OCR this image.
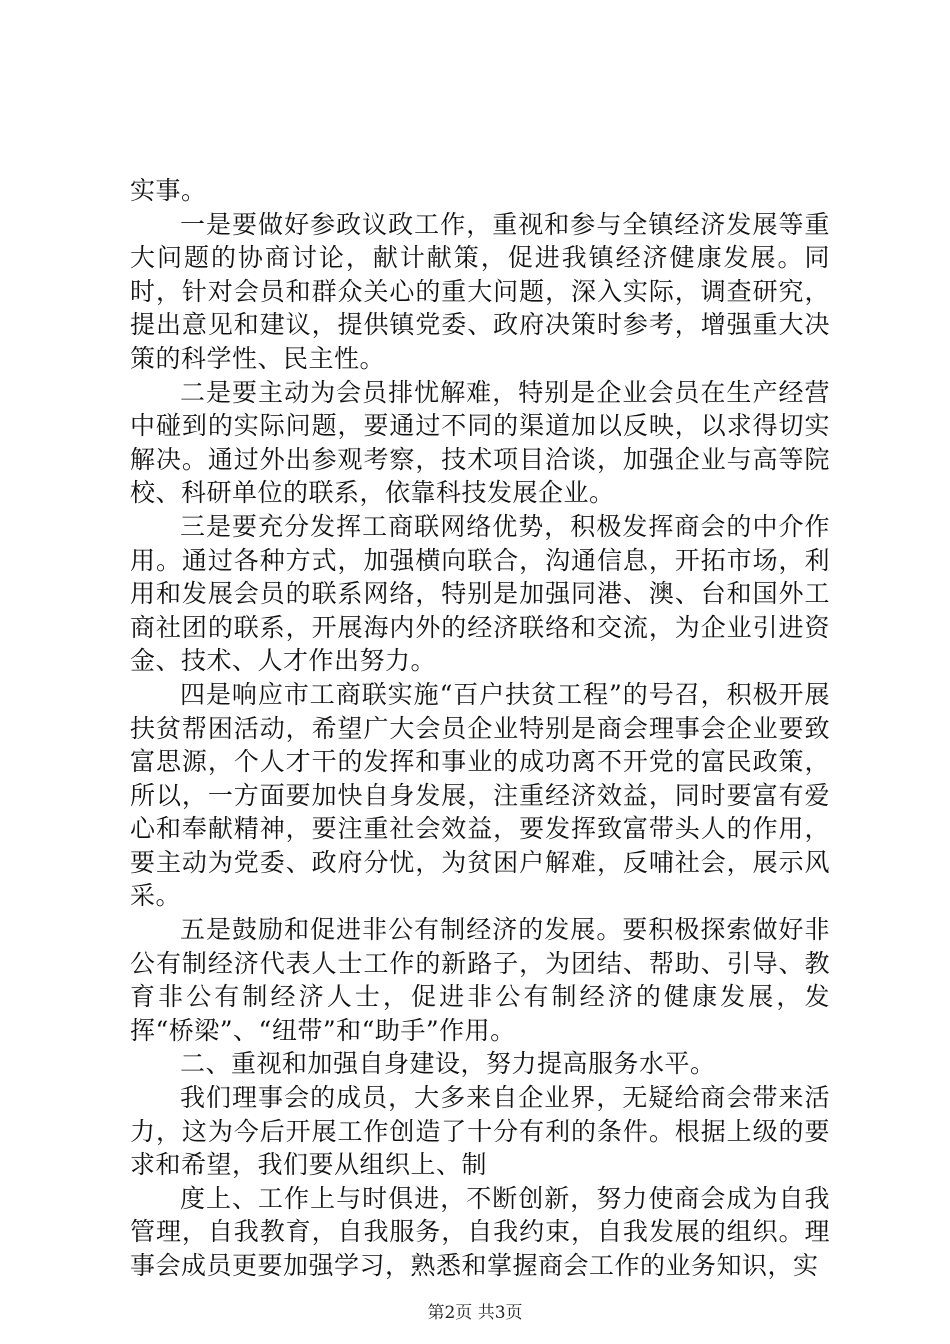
实事。

一是要做好参政议政工作，重视和参与全镇经济发展等重大问题的协商讨论，献计献策，促进我镇经济健康发展。同时，针对会员和群众关心的重大问题，深入实际，调查研究，提出意见和建议，提供镇党委、政府决策时参考，增强重大决策的科学性、民主性。

二是要主动为会员排忧解难，特别是企业会员在生产经营中碰到的实际问题，要通过不同的渠道加以反映，以求得切实解决。通过外出参观考察，技术项目洽谈，加强企业与高等院校、科研单位的联系，依靠科技发展企业。

三是要充分发挥工商联网络优势，积极发挥商会的中介作用。通过各种方式，加强横向联合，沟通信息，开拓市场，利用和发展会员的联系网络，特别是加强同港、澳、台和国外工商社团的联系，开展海内外的经济联络和交流，为企业引进资金、技术、人才作出努力。

四是响应市工商联实施“百户扶贫工程”的号召，积极开展扶贫帮困活动，希望广大会员企业特别是商会理事会企业要致富思源，个人才干的发挥和事业的成功离不开党的富民政策，所以，一方面要加快自身发展，注重经济效益，同时要富有爱心和奉献精神，要注重社会效益，要发挥致富带头人的作用，要主动为党委、政府分忧，为贫困户解难，反哺社会，展示风采。

五是鼓励和促进非公有制经济的发展。要积极探索做好非公有制经济代表人士工作的新路子，为团结、帮助、引导、教育非公有制经济人士，促进非公有制经济的健康发展，发挥“桥梁”、“纽带”和“助手”作用。

二、重视和加强自身建设，努力提高服务水平。

我们理事会的成员，大多来自企业界，无疑给商会带来活力，这为今后开展工作创造了十分有利的条件。根据上级的要求和希望，我们要从组织上、制

度上、工作上与时俱进，不断创新，努力使商会成为自我管理，自我教育，自我服务，自我约束，自我发展的组织。理事会成员更要加强学习，熟悉和掌握商会工作的业务知识，实

第2页 共3页
